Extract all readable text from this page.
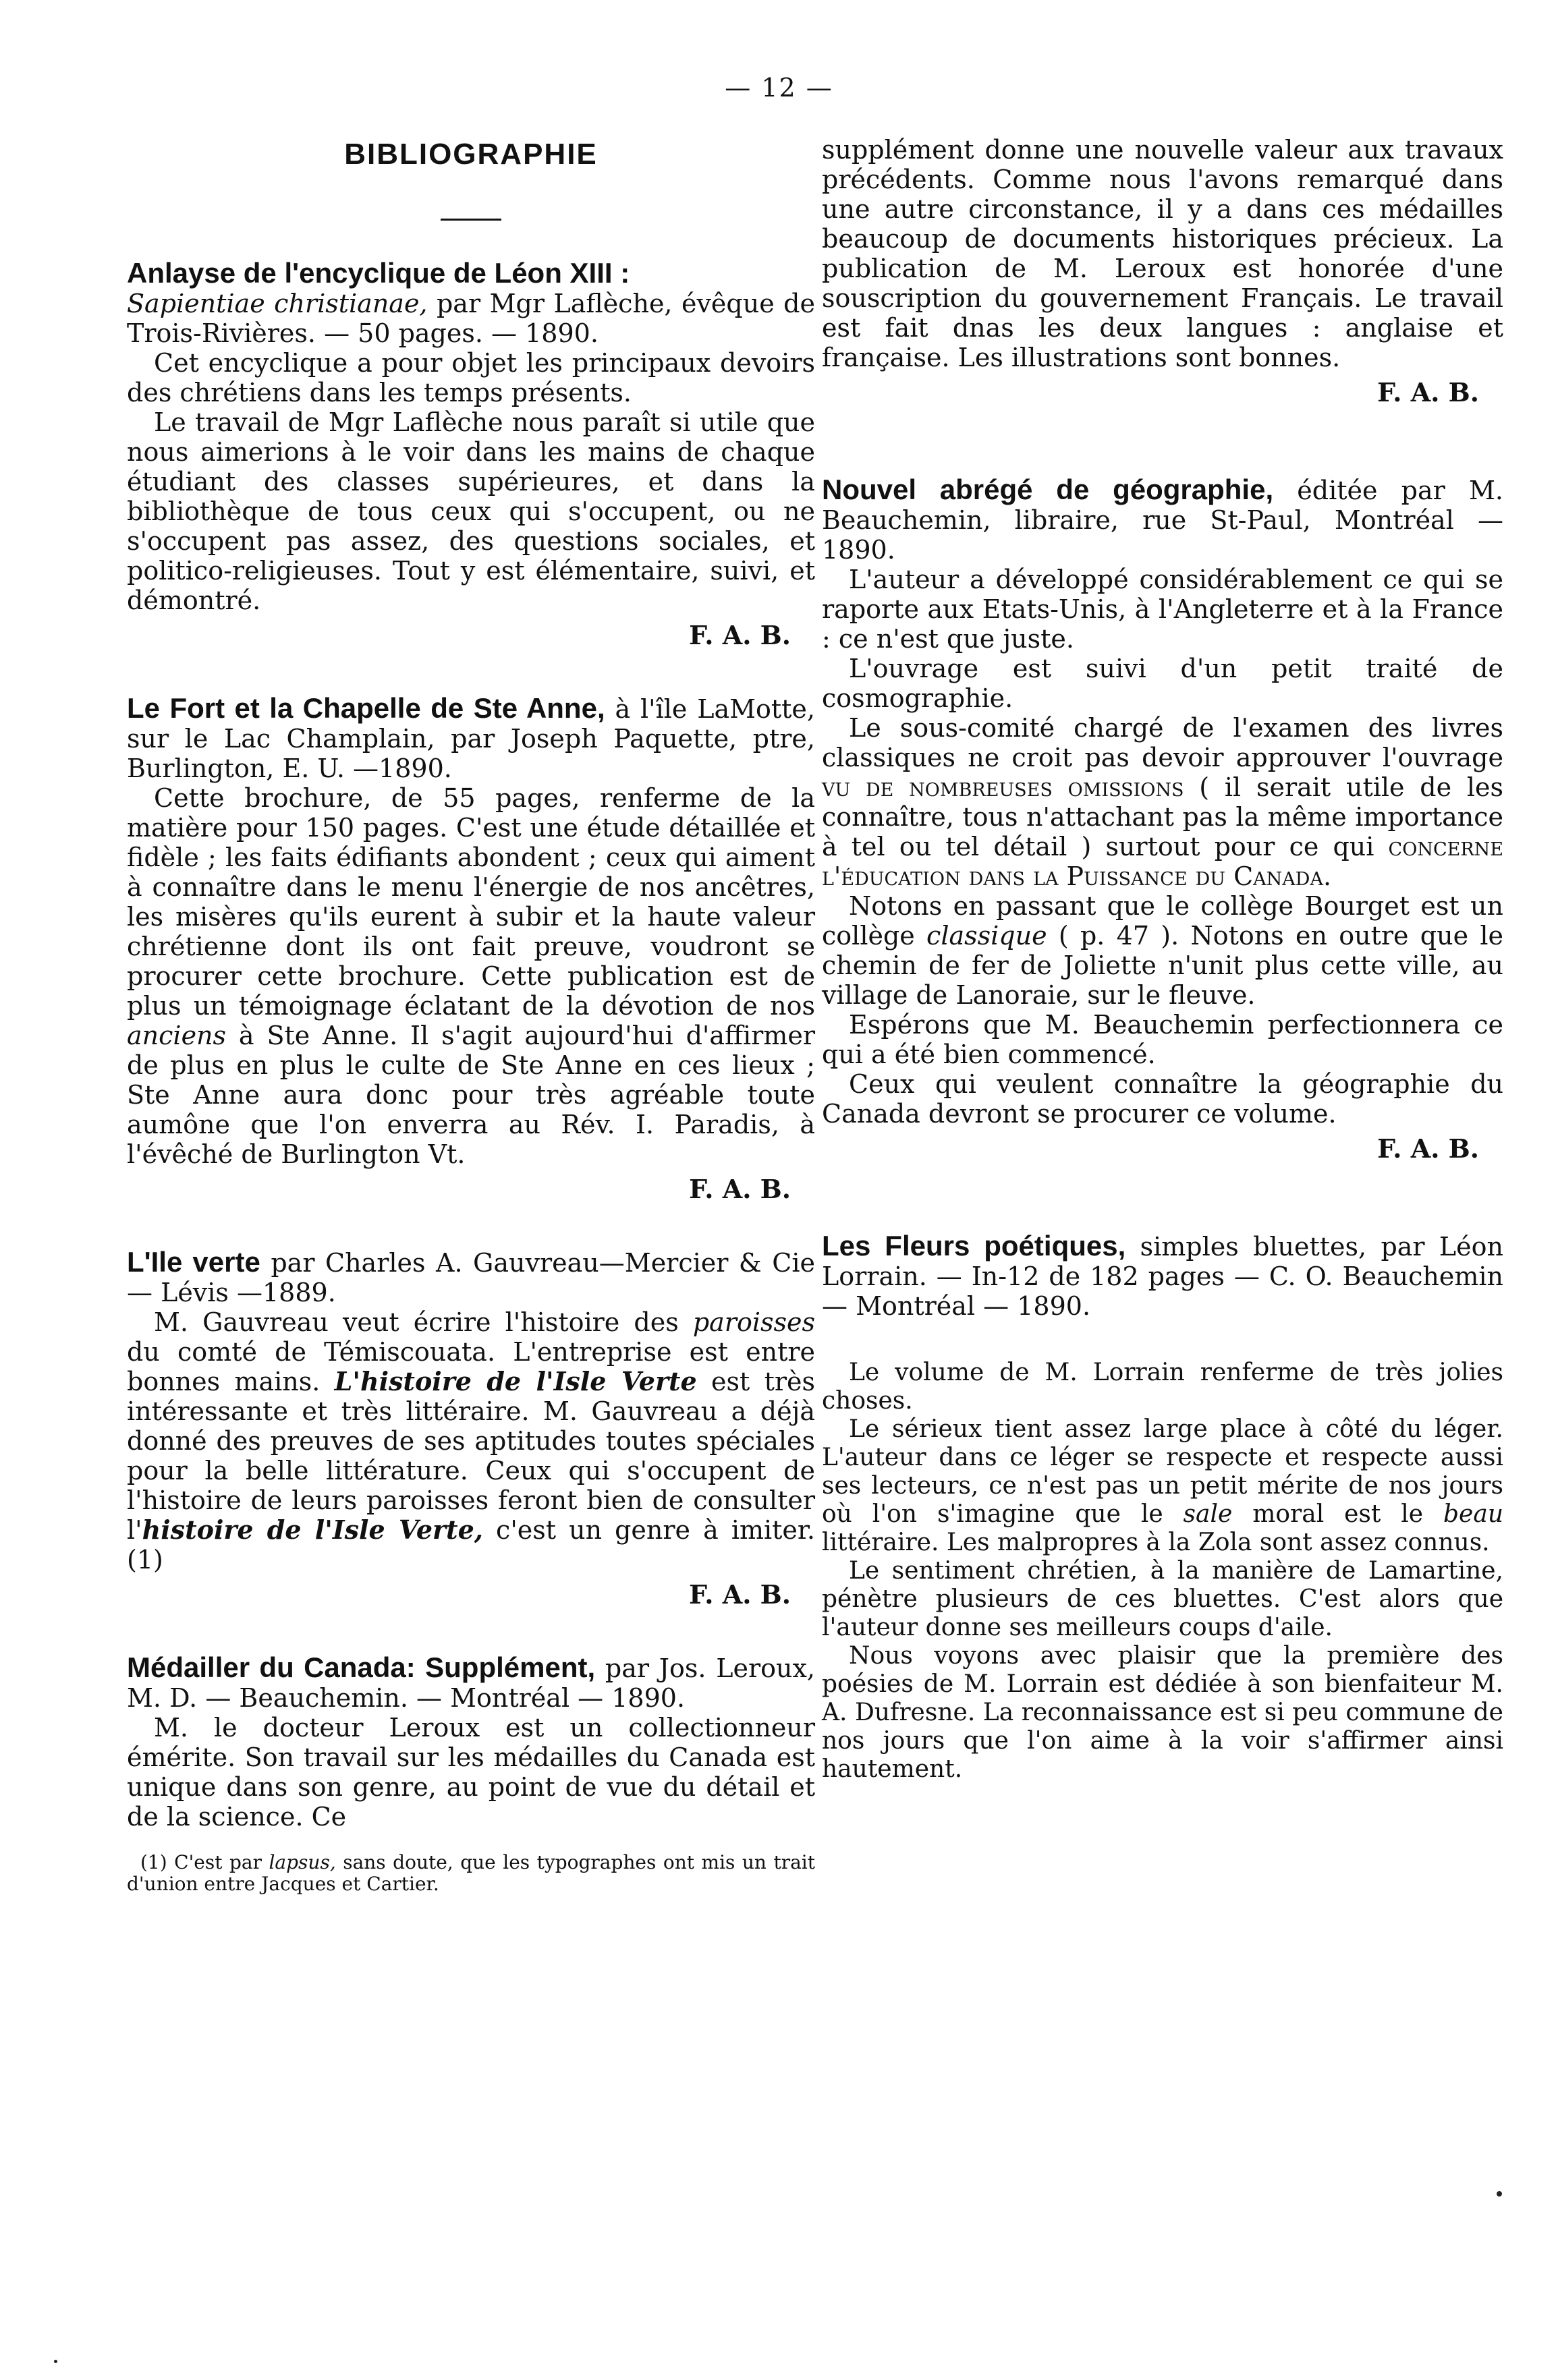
— 12 —
BIBLIOGRAPHIE

Anlayse de l'encyclique de Léon XIII :
Sapientiae christianae, par Mgr Laflèche, évêque de Trois-Rivières. — 50 pages. — 1890.

Cet encyclique a pour objet les principaux devoirs des chrétiens dans les temps présents.

Le travail de Mgr Laflèche nous paraît si utile que nous aimerions à le voir dans les mains de chaque étudiant des classes supérieures, et dans la bibliothèque de tous ceux qui s'occupent, ou ne s'occupent pas assez, des questions sociales, et politico-religieuses. Tout y est élémentaire, suivi, et démontré.

F. A. B.

Le Fort et la Chapelle de Ste Anne, à l'île LaMotte, sur le Lac Champlain, par Joseph Paquette, ptre, Burlington, E. U. —1890.

Cette brochure, de 55 pages, renferme de la matière pour 150 pages. C'est une étude détaillée et fidèle ; les faits édifiants abondent ; ceux qui aiment à connaître dans le menu l'énergie de nos ancêtres, les misères qu'ils eurent à subir et la haute valeur chrétienne dont ils ont fait preuve, voudront se procurer cette brochure. Cette publication est de plus un témoignage éclatant de la dévotion de nos anciens à Ste Anne. Il s'agit aujourd'hui d'affirmer de plus en plus le culte de Ste Anne en ces lieux ; Ste Anne aura donc pour très agréable toute aumône que l'on enverra au Rév. I. Paradis, à l'évêché de Burlington Vt.

F. A. B.

L'Ile verte par Charles A. Gauvreau—Mercier & Cie — Lévis —1889.

M. Gauvreau veut écrire l'histoire des paroisses du comté de Témiscouata. L'entreprise est entre bonnes mains. L'histoire de l'Isle Verte est très intéressante et très littéraire. M. Gauvreau a déjà donné des preuves de ses aptitudes toutes spéciales pour la belle littérature. Ceux qui s'occupent de l'histoire de leurs paroisses feront bien de consulter l'histoire de l'Isle Verte, c'est un genre à imiter. (1)

F. A. B.

Médailler du Canada: Supplément, par Jos. Leroux, M. D. — Beauchemin. — Montréal — 1890.

M. le docteur Leroux est un collectionneur émérite. Son travail sur les médailles du Canada est unique dans son genre, au point de vue du détail et de la science. Ce

(1) C'est par lapsus, sans doute, que les typographes ont mis un trait d'union entre Jacques et Cartier.

supplément donne une nouvelle valeur aux travaux précédents. Comme nous l'avons remarqué dans une autre circonstance, il y a dans ces médailles beaucoup de documents historiques précieux. La publication de M. Leroux est honorée d'une souscription du gouvernement Français. Le travail est fait dnas les deux langues : anglaise et française. Les illustrations sont bonnes.

F. A. B.

Nouvel abrégé de géographie, éditée par M. Beauchemin, libraire, rue St-Paul, Montréal — 1890.

L'auteur a développé considérablement ce qui se raporte aux Etats-Unis, à l'Angleterre et à la France : ce n'est que juste.

L'ouvrage est suivi d'un petit traité de cosmographie.

Le sous-comité chargé de l'examen des livres classiques ne croit pas devoir approuver l'ouvrage vu de nombreuses omissions ( il serait utile de les connaître, tous n'attachant pas la même importance à tel ou tel détail ) surtout pour ce qui concerne l'éducation dans la Puissance du Canada.

Notons en passant que le collège Bourget est un collège classique ( p. 47 ). Notons en outre que le chemin de fer de Joliette n'unit plus cette ville, au village de Lanoraie, sur le fleuve.

Espérons que M. Beauchemin perfectionnera ce qui a été bien commencé.

Ceux qui veulent connaître la géographie du Canada devront se procurer ce volume.

F. A. B.

Les Fleurs poétiques, simples bluettes, par Léon Lorrain. — In-12 de 182 pages — C. O. Beauchemin — Montréal — 1890.

Le volume de M. Lorrain renferme de très jolies choses.

Le sérieux tient assez large place à côté du léger. L'auteur dans ce léger se respecte et respecte aussi ses lecteurs, ce n'est pas un petit mérite de nos jours où l'on s'imagine que le sale moral est le beau littéraire. Les malpropres à la Zola sont assez connus.

Le sentiment chrétien, à la manière de Lamartine, pénètre plusieurs de ces bluettes. C'est alors que l'auteur donne ses meilleurs coups d'aile.

Nous voyons avec plaisir que la première des poésies de M. Lorrain est dédiée à son bienfaiteur M. A. Dufresne. La reconnaissance est si peu commune de nos jours que l'on aime à la voir s'affirmer ainsi hautement.
